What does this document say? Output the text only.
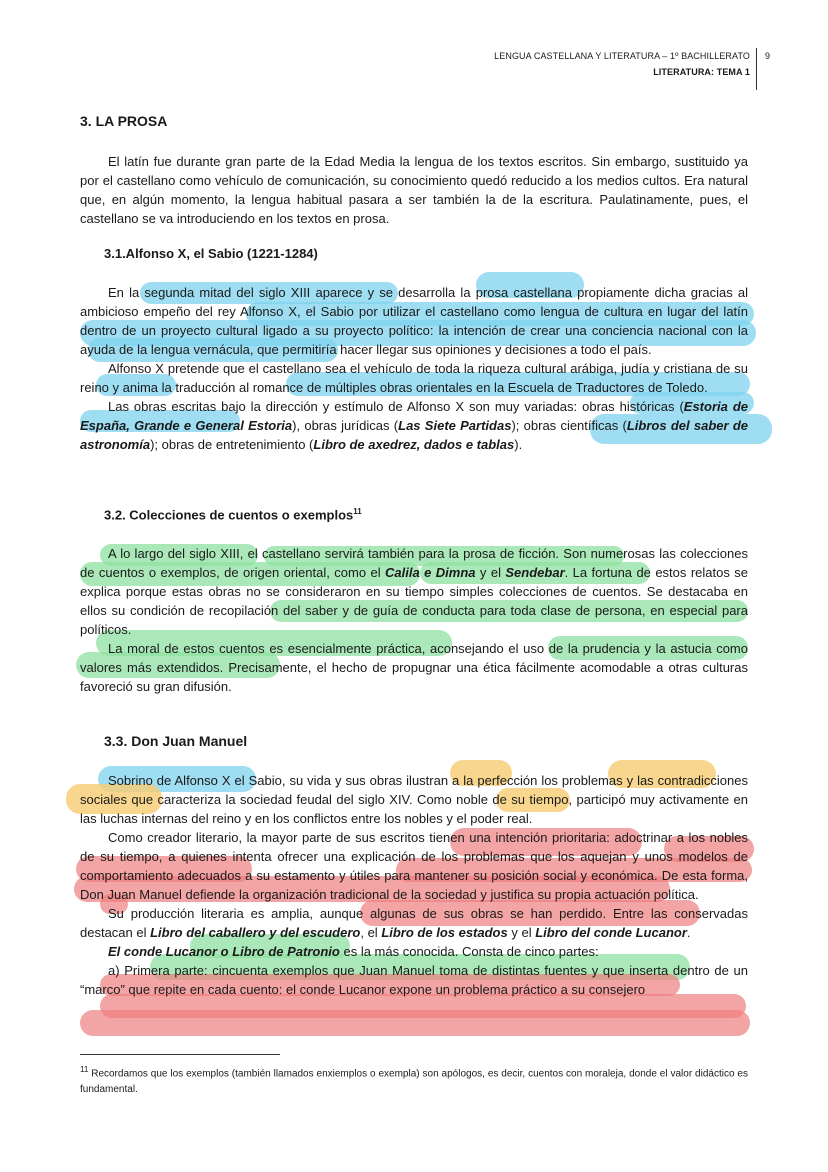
LENGUA CASTELLANA Y LITERATURA – 1º BACHILLERATO
LITERATURA: TEMA 1
9
3. LA PROSA

El latín fue durante gran parte de la Edad Media la lengua de los textos escritos. Sin embargo, sustituido ya por el castellano como vehículo de comunicación, su conocimiento quedó reducido a los medios cultos. Era natural que, en algún momento, la lengua habitual pasara a ser también la de la escritura. Paulatinamente, pues, el castellano se va introduciendo en los textos en prosa.

3.1.Alfonso X, el Sabio (1221-1284)

En la segunda mitad del siglo XIII aparece y se desarrolla la prosa castellana propiamente dicha gracias al ambicioso empeño del rey Alfonso X, el Sabio por utilizar el castellano como lengua de cultura en lugar del latín dentro de un proyecto cultural ligado a su proyecto político: la intención de crear una conciencia nacional con la ayuda de la lengua vernácula, que permitiría hacer llegar sus opiniones y decisiones a todo el país.

Alfonso X pretende que el castellano sea el vehículo de toda la riqueza cultural arábiga, judía y cristiana de su reino y anima la traducción al romance de múltiples obras orientales en la Escuela de Traductores de Toledo.

Las obras escritas bajo la dirección y estímulo de Alfonso X son muy variadas: obras históricas (Estoria de España, Grande e General Estoria), obras jurídicas (Las Siete Partidas); obras científicas (Libros del saber de astronomía); obras de entretenimiento (Libro de axedrez, dados e tablas).

3.2. Colecciones de cuentos o exemplos$^{11}$

A lo largo del siglo XIII, el castellano servirá también para la prosa de ficción. Son numerosas las colecciones de cuentos o exemplos, de origen oriental, como el Calila e Dimna y el Sendebar. La fortuna de estos relatos se explica porque estas obras no se consideraron en su tiempo simples colecciones de cuentos. Se destacaba en ellos su condición de recopilación del saber y de guía de conducta para toda clase de persona, en especial para políticos.

La moral de estos cuentos es esencialmente práctica, aconsejando el uso de la prudencia y la astucia como valores más extendidos. Precisamente, el hecho de propugnar una ética fácilmente acomodable a otras culturas favoreció su gran difusión.

3.3. Don Juan Manuel

Sobrino de Alfonso X el Sabio, su vida y sus obras ilustran a la perfección los problemas y las contradicciones sociales que caracteriza la sociedad feudal del siglo XIV. Como noble de su tiempo, participó muy activamente en las luchas internas del reino y en los conflictos entre los nobles y el poder real.

Como creador literario, la mayor parte de sus escritos tienen una intención prioritaria: adoctrinar a los nobles de su tiempo, a quienes intenta ofrecer una explicación de los problemas que los aquejan y unos modelos de comportamiento adecuados a su estamento y útiles para mantener su posición social y económica. De esta forma, Don Juan Manuel defiende la organización tradicional de la sociedad y justifica su propia actuación política.

Su producción literaria es amplia, aunque algunas de sus obras se han perdido. Entre las conservadas destacan el Libro del caballero y del escudero, el Libro de los estados y el Libro del conde Lucanor.

El conde Lucanor o Libro de Patronio es la más conocida. Consta de cinco partes:

a) Primera parte: cincuenta exemplos que Juan Manuel toma de distintas fuentes y que inserta dentro de un “marco” que repite en cada cuento: el conde Lucanor expone un problema práctico a su consejero

$^{11}$ Recordamos que los exemplos (también llamados enxiemplos o exempla) son apólogos, es decir, cuentos con moraleja, donde el valor didáctico es fundamental.
